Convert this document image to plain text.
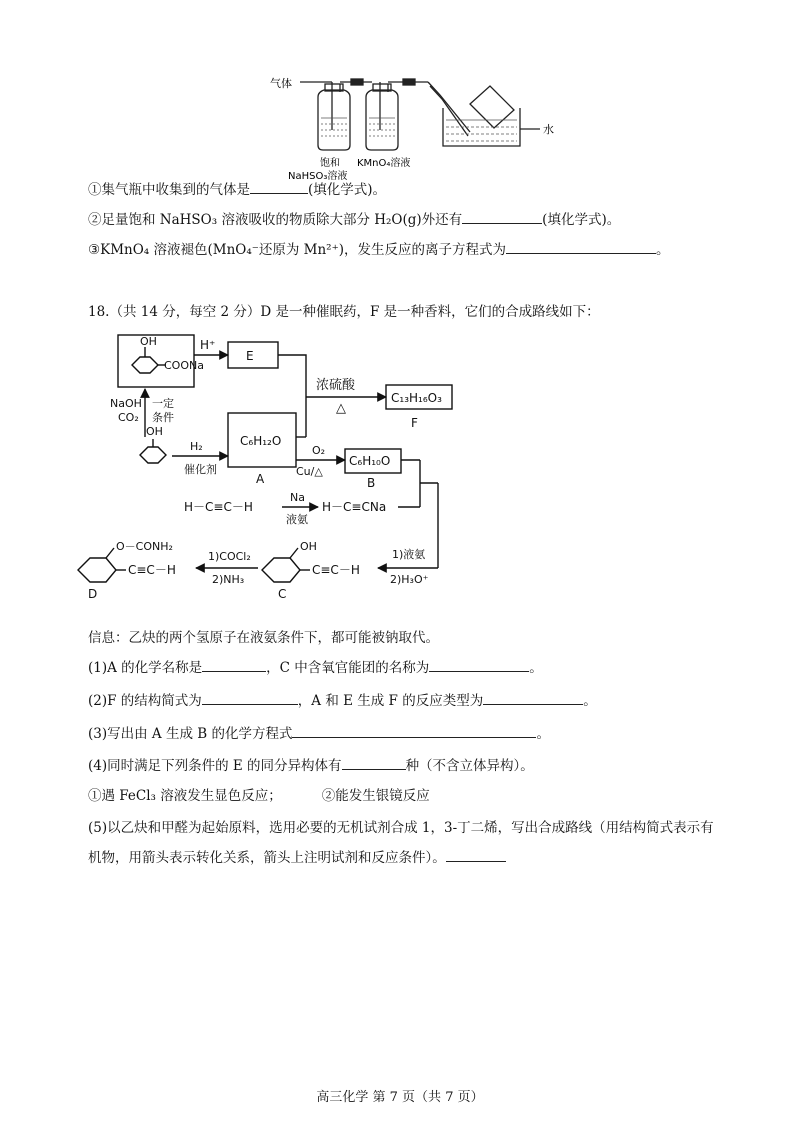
气体
饱和
NaHSO₃溶液
KMnO₄溶液
水
①集气瓶中收集到的气体是	(填化学式)。
②足量饱和 NaHSO₃ 溶液吸收的物质除大部分 H₂O(g)外还有	(填化学式)。
③KMnO₄ 溶液褪色(MnO₄⁻还原为 Mn²⁺)，发生反应的离子方程式为	。
18.（共 14 分，每空 2 分）D 是一种催眠药，F 是一种香料，它们的合成路线如下：
OH
COONa
H⁺
E
浓硫酸
△
C₁₃H₁₆O₃
F
NaOH
CO₂
一定
条件
OH
H₂
催化剂
C₆H₁₂O
A
O₂
Cu/△
C₆H₁₀O
B
H－C≡C－H
Na
液氨
H－C≡CNa
1)液氨
2)H₃O⁺
OH
C≡C－H
C
1)COCl₂
2)NH₃
O－CONH₂
C≡C－H
D
信息：乙炔的两个氢原子在液氨条件下，都可能被钠取代。
(1)A 的化学名称是	，C 中含氧官能团的名称为	。
(2)F 的结构简式为	，A 和 E 生成 F 的反应类型为	。
(3)写出由 A 生成 B 的化学方程式	。
(4)同时满足下列条件的 E 的同分异构体有	种（不含立体异构）。
①遇 FeCl₃ 溶液发生显色反应；	②能发生银镜反应
(5)以乙炔和甲醛为起始原料，选用必要的无机试剂合成 1，3-丁二烯，写出合成路线（用结构简式表示有
机物，用箭头表示转化关系，箭头上注明试剂和反应条件）。
高三化学 第 7 页（共 7 页）
